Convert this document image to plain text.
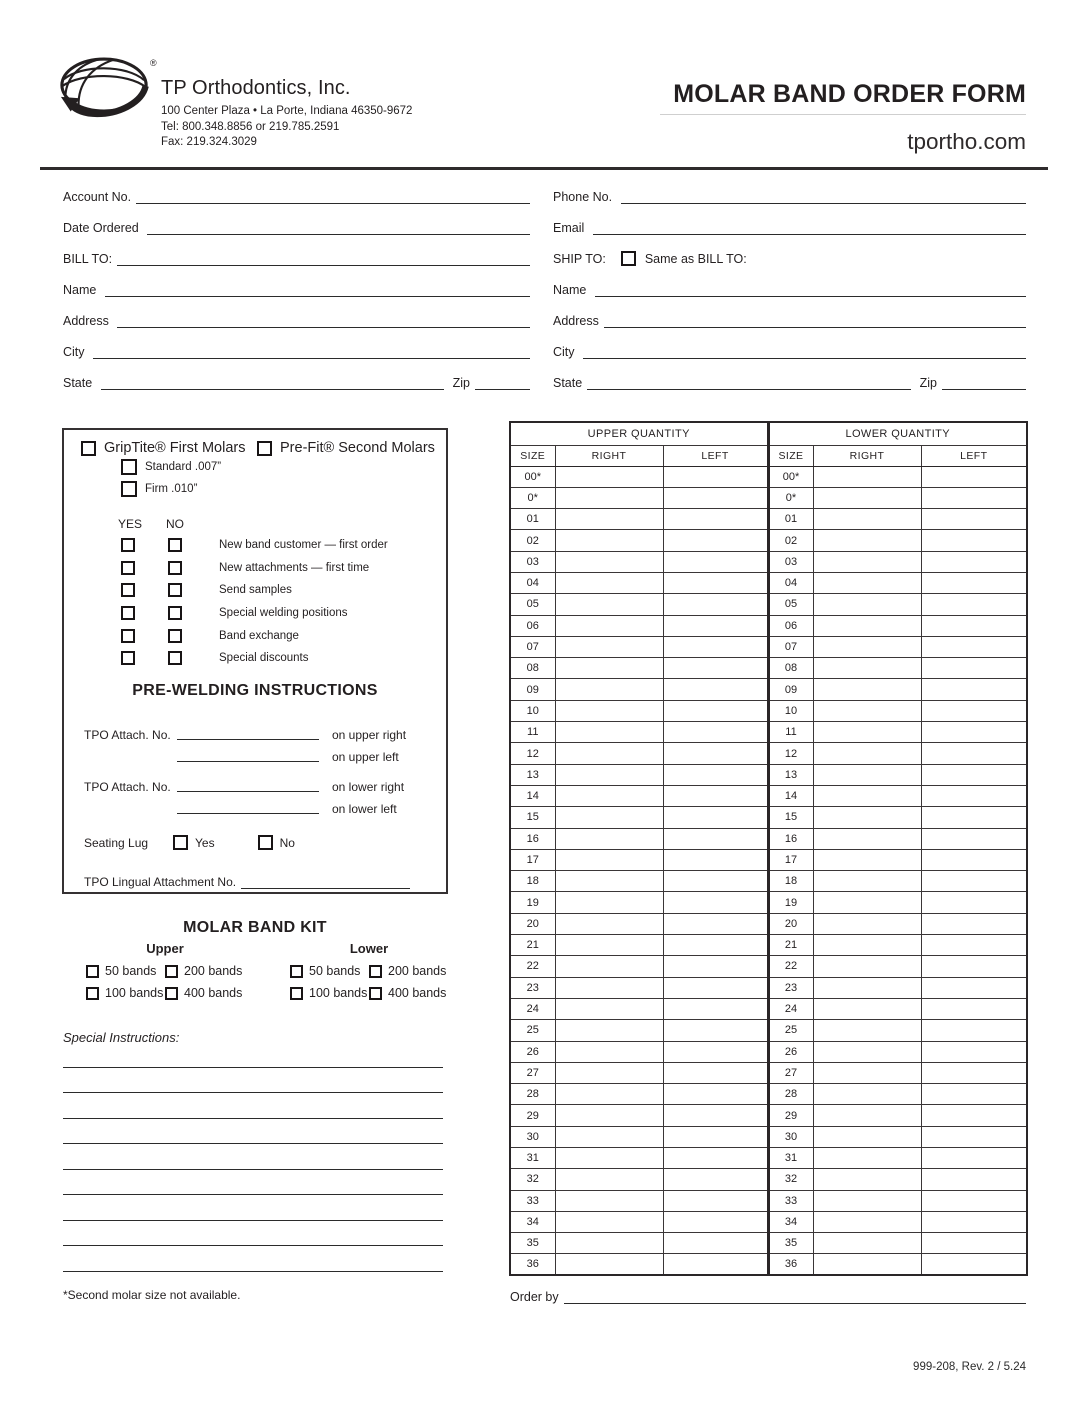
®
TP Orthodontics, Inc.
100 Center Plaza • La Porte, Indiana 46350-9672
Tel: 800.348.8856 or 219.785.2591
Fax: 219.324.3029
MOLAR BAND ORDER FORM
tportho.com
Account No.
Date Ordered
BILL TO:
Name
Address
City
State	Zip
Phone No.
Email
SHIP TO:	Same as BILL TO:
Name
Address
City
State	Zip
GripTite® First Molars Pre-Fit® Second Molars
Standard .007”
Firm .010”
YES NO
New band customer — first order
New attachments — first time
Send samples
Special welding positions
Band exchange
Special discounts
PRE-WELDING INSTRUCTIONS
TPO Attach. No.	on upper right
on upper left
TPO Attach. No.	on lower right
on lower left
Seating Lug	Yes	No
TPO Lingual Attachment No.
MOLAR BAND KIT
Upper
50 bands 200 bands
100 bands 400 bands
Lower
50 bands 200 bands
100 bands 400 bands
Special Instructions:
*Second molar size not available.
UPPER QUANTITY			LOWER QUANTITY		
SIZE	RIGHT	LEFT	SIZE	RIGHT	LEFT
00*			00*		
0*			0*		
01			01		
02			02		
03			03		
04			04		
05			05		
06			06		
07			07		
08			08		
09			09		
10			10		
11			11		
12			12		
13			13		
14			14		
15			15		
16			16		
17			17		
18			18		
19			19		
20			20		
21			21		
22			22		
23			23		
24			24		
25			25		
26			26		
27			27		
28			28		
29			29		
30			30		
31			31		
32			32		
33			33		
34			34		
35			35		
36			36		
Order by
999-208, Rev. 2 / 5.24
